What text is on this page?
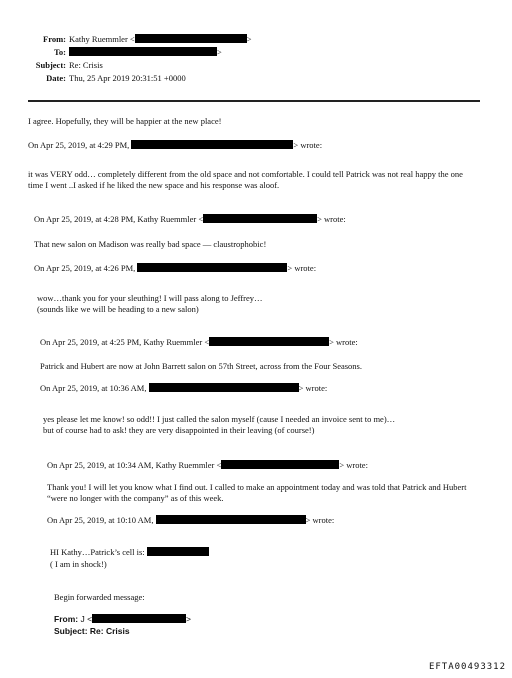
From: Kathy Ruemmler <	>
To:	>
Subject: Re: Crisis
Date: Thu, 25 Apr 2019 20:31:51 +0000
I agree. Hopefully, they will be happier at the new place!
On Apr 25, 2019, at 4:29 PM,	> wrote:
it was VERY odd… completely different from the old space and not comfortable. I could tell Patrick was not real happy the one time I went ..I asked if he liked the new space and his response was aloof.
On Apr 25, 2019, at 4:28 PM, Kathy Ruemmler <	> wrote:
That new salon on Madison was really bad space — claustrophobic!
On Apr 25, 2019, at 4:26 PM,	> wrote:
wow…thank you for your sleuthing! I will pass along to Jeffrey…
(sounds like we will be heading to a new salon)
On Apr 25, 2019, at 4:25 PM, Kathy Ruemmler <	> wrote:
Patrick and Hubert are now at John Barrett salon on 57th Street, across from the Four Seasons.
On Apr 25, 2019, at 10:36 AM,	> wrote:
yes please let me know! so odd!! I just called the salon myself (cause I needed an invoice sent to me)…
but of course had to ask! they are very disappointed in their leaving (of course!)
On Apr 25, 2019, at 10:34 AM, Kathy Ruemmler <	> wrote:
Thank you! I will let you know what I find out. I called to make an appointment today and was told that Patrick and Hubert “were no longer with the company” as of this week.
On Apr 25, 2019, at 10:10 AM,	> wrote:
HI Kathy…Patrick’s cell is:
( I am in shock!)
Begin forwarded message:
From: J <	>
Subject: Re: Crisis
EFTA00493312
